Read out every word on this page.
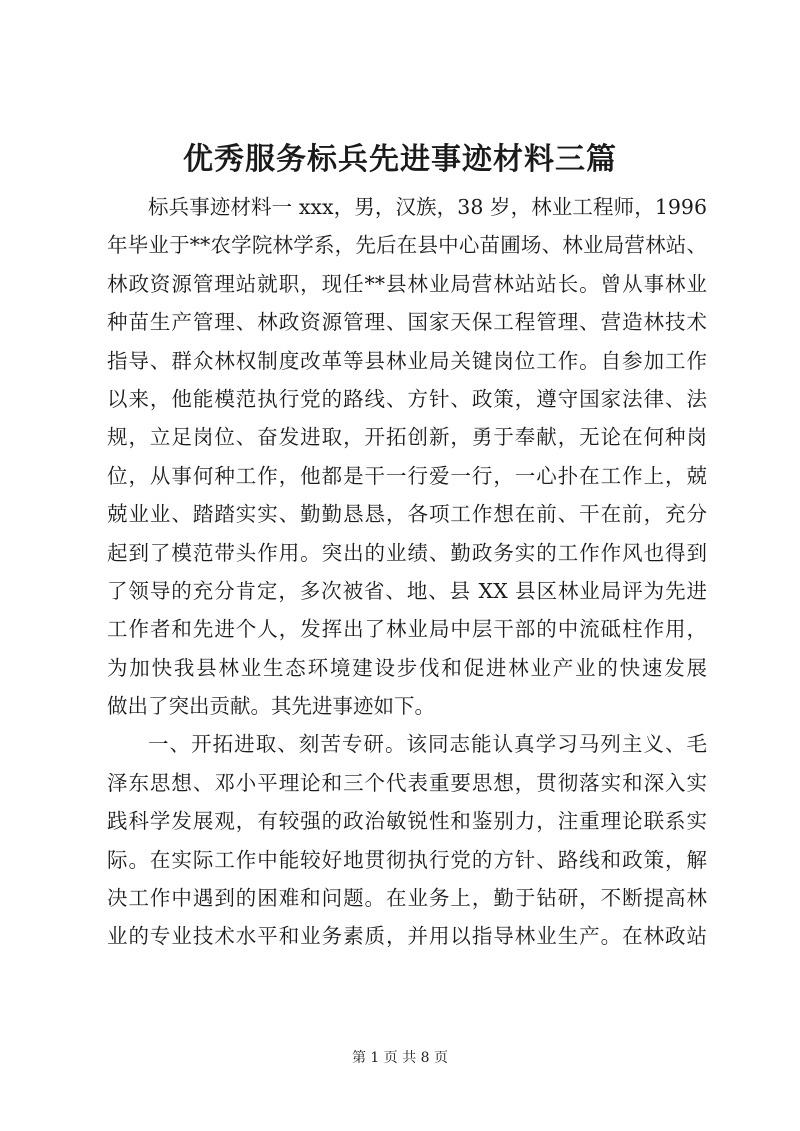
优秀服务标兵先进事迹材料三篇
标兵事迹材料一 xxx，男，汉族，38 岁，林业工程师，1996
年毕业于**农学院林学系，先后在县中心苗圃场、林业局营林站、
林政资源管理站就职，现任**县林业局营林站站长。曾从事林业
种苗生产管理、林政资源管理、国家天保工程管理、营造林技术
指导、群众林权制度改革等县林业局关键岗位工作。自参加工作
以来，他能模范执行党的路线、方针、政策，遵守国家法律、法
规，立足岗位、奋发进取，开拓创新，勇于奉献，无论在何种岗
位，从事何种工作，他都是干一行爱一行，一心扑在工作上，兢
兢业业、踏踏实实、勤勤恳恳，各项工作想在前、干在前，充分
起到了模范带头作用。突出的业绩、勤政务实的工作作风也得到
了领导的充分肯定，多次被省、地、县 XX 县区林业局评为先进
工作者和先进个人，发挥出了林业局中层干部的中流砥柱作用，
为加快我县林业生态环境建设步伐和促进林业产业的快速发展
做出了突出贡献。其先进事迹如下。
一、开拓进取、刻苦专研。该同志能认真学习马列主义、毛
泽东思想、邓小平理论和三个代表重要思想，贯彻落实和深入实
践科学发展观，有较强的政治敏锐性和鉴别力，注重理论联系实
际。在实际工作中能较好地贯彻执行党的方针、路线和政策，解
决工作中遇到的困难和问题。在业务上，勤于钻研，不断提高林
业的专业技术水平和业务素质，并用以指导林业生产。在林政站
第 1 页 共 8 页
